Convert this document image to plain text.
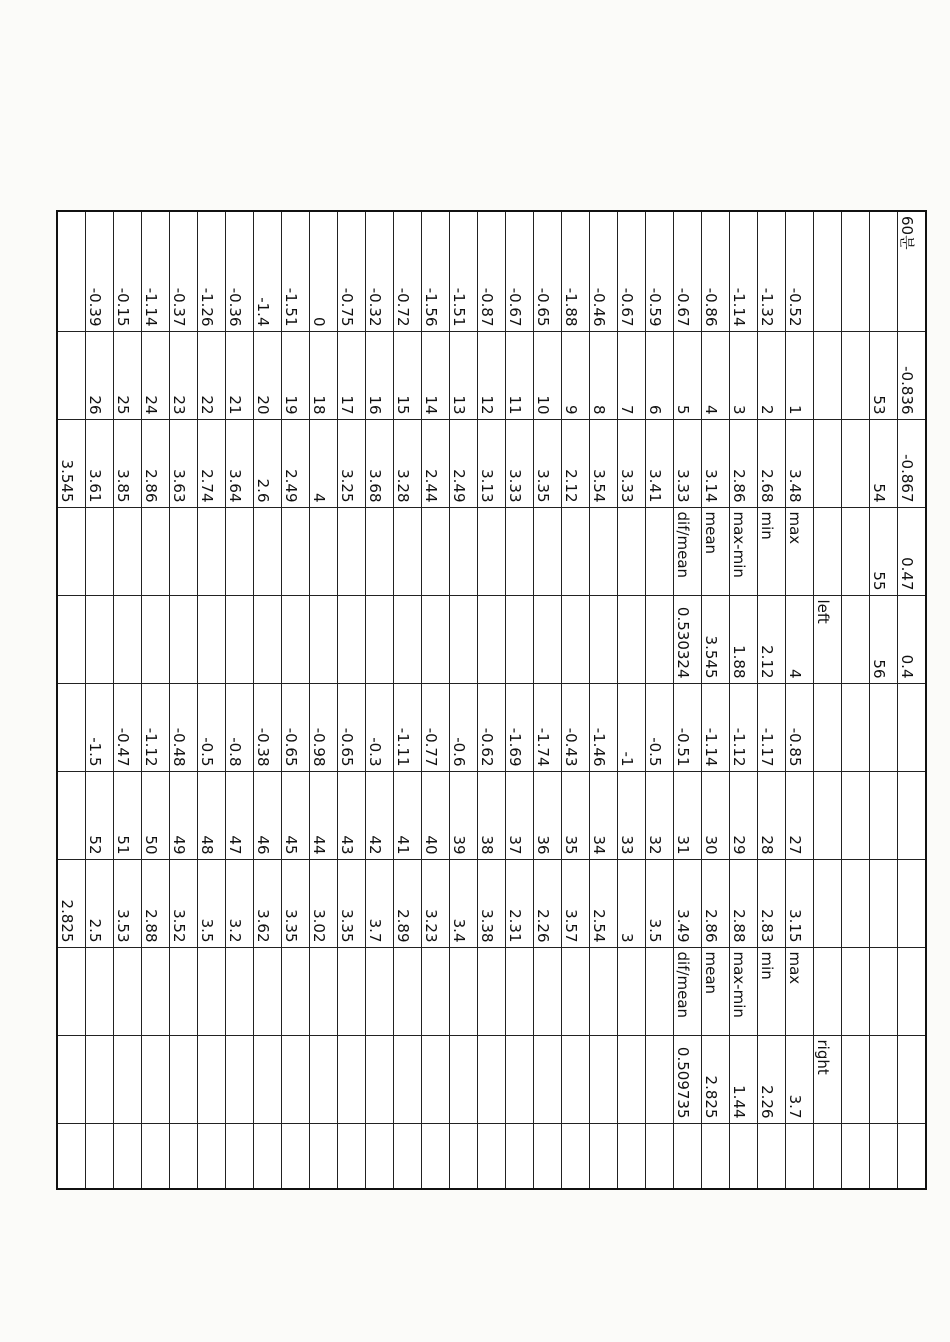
60분	-0.836	-0.867	0.47	0.4						
	53	54	55	56						

				left					right	
-0.52	1	3.48	max	4	-0.85	27	3.15	max	3.7	
-1.32	2	2.68	min	2.12	-1.17	28	2.83	min	2.26	
-1.14	3	2.86	max-min	1.88	-1.12	29	2.88	max-min	1.44	
-0.86	4	3.14	mean	3.545	-1.14	30	2.86	mean	2.825	
-0.67	5	3.33	dif/mean	0.530324	-0.51	31	3.49	dif/mean	0.509735	
-0.59	6	3.41			-0.5	32	3.5			
-0.67	7	3.33			-1	33	3			
-0.46	8	3.54			-1.46	34	2.54			
-1.88	9	2.12			-0.43	35	3.57			
-0.65	10	3.35			-1.74	36	2.26			
-0.67	11	3.33			-1.69	37	2.31			
-0.87	12	3.13			-0.62	38	3.38			
-1.51	13	2.49			-0.6	39	3.4			
-1.56	14	2.44			-0.77	40	3.23			
-0.72	15	3.28			-1.11	41	2.89			
-0.32	16	3.68			-0.3	42	3.7			
-0.75	17	3.25			-0.65	43	3.35			
0	18	4			-0.98	44	3.02			
-1.51	19	2.49			-0.65	45	3.35			
-1.4	20	2.6			-0.38	46	3.62			
-0.36	21	3.64			-0.8	47	3.2			
-1.26	22	2.74			-0.5	48	3.5			
-0.37	23	3.63			-0.48	49	3.52			
-1.14	24	2.86			-1.12	50	2.88			
-0.15	25	3.85			-0.47	51	3.53			
-0.39	26	3.61			-1.5	52	2.5			
		3.545					2.825			
